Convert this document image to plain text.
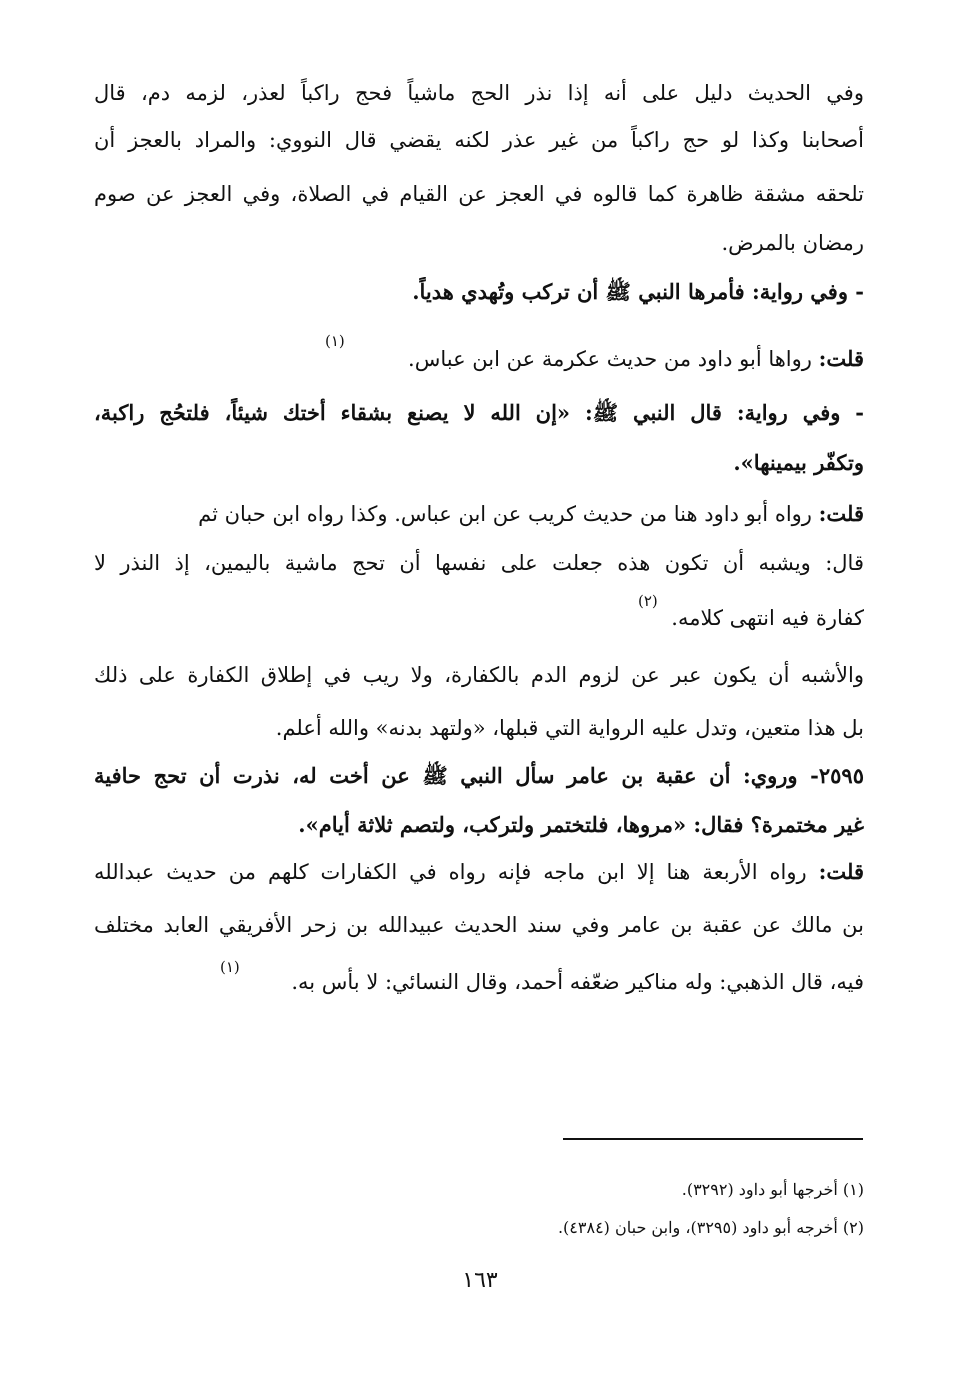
وفي الحديث دليل على أنه إذا نذر الحج ماشياً فحج راكباً لعذر، لزمه دم، قال
أصحابنا وكذا لو حج راكباً من غير عذر لكنه يقضي قال النووي: والمراد بالعجز أن
تلحقه مشقة ظاهرة كما قالوه في العجز عن القيام في الصلاة، وفي العجز عن صوم
رمضان بالمرض.
- وفي رواية: فأمرها النبي ﷺ أن تركب وتُهدي هدياً.
قلت: رواها أبو داود من حديث عكرمة عن ابن عباس.
(١)
- وفي رواية: قال النبي ﷺ: «إن الله لا يصنع بشقاء أختك شيئاً، فلتحُج راكبة،
وتكفّر بيمينها».
قلت: رواه أبو داود هنا من حديث كريب عن ابن عباس. وكذا رواه ابن حبان ثم
قال: ويشبه أن تكون هذه جعلت على نفسها أن تحج ماشية باليمين، إذ النذر لا
كفارة فيه انتهى كلامه.
(٢)
والأشبه أن يكون عبر عن لزوم الدم بالكفارة، ولا ريب في إطلاق الكفارة على ذلك
بل هذا متعين، وتدل عليه الرواية التي قبلها، «ولتهد بدنه» والله أعلم.
٢٥٩٥- وروي: أن عقبة بن عامر سأل النبي ﷺ عن أخت له، نذرت أن تحج حافية
غير مختمرة؟ فقال: «مروها، فلتختمر ولتركب، ولتصم ثلاثة أيام».
قلت: رواه الأربعة هنا إلا ابن ماجه فإنه رواه في الكفارات كلهم من حديث عبدالله
بن مالك عن عقبة بن عامر وفي سند الحديث عبيدالله بن زحر الأفريقي العابد مختلف
فيه، قال الذهبي: وله مناكير ضعّفه أحمد، وقال النسائي: لا بأس به.
(١)
(١) أخرجها أبو داود (٣٢٩٢).
(٢) أخرجه أبو داود (٣٢٩٥)، وابن حبان (٤٣٨٤).
١٦٣
